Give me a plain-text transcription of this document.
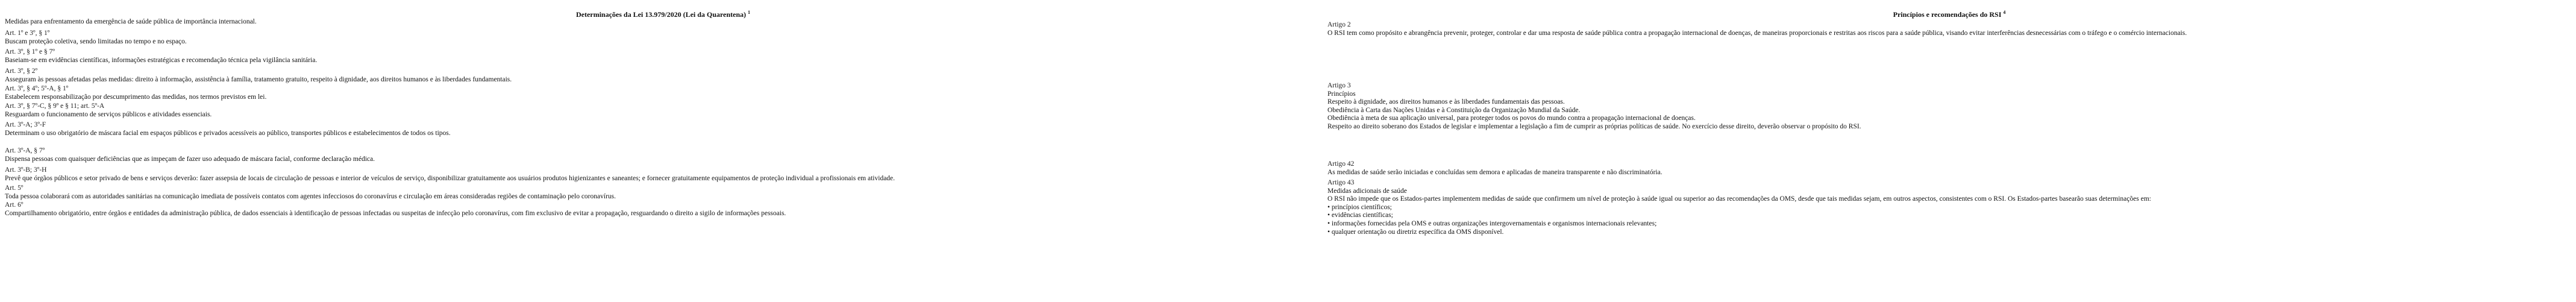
Determinações da Lei 13.979/2020 (Lei da Quarentena) $^1$
Medidas para enfrentamento da emergência de saúde pública de importância internacional.
Art. 1º e 3º, § 1º
Buscam proteção coletiva, sendo limitadas no tempo e no espaço.
Art. 3º, § 1º e § 7º
Baseiam-se em evidências científicas, informações estratégicas e recomendação técnica pela vigilância sanitária.
Art. 3º, § 2º
Asseguram às pessoas afetadas pelas medidas: direito à informação, assistência à família, tratamento gratuito, respeito à dignidade, aos direitos humanos e às liberdades fundamentais.
Art. 3º, § 4º; 5º-A, § 1º
Estabelecem responsabilização por descumprimento das medidas, nos termos previstos em lei.
Art. 3º, § 7º-C, § 9º e § 11; art. 5º-A
Resguardam o funcionamento de serviços públicos e atividades essenciais.
Art. 3º-A; 3º-F
Determinam o uso obrigatório de máscara facial em espaços públicos e privados acessíveis ao público, transportes públicos e estabelecimentos de todos os tipos.
Art. 3º-A, § 7º
Dispensa pessoas com quaisquer deficiências que as impeçam de fazer uso adequado de máscara facial, conforme declaração médica.
Art. 3º-B; 3º-H
Prevê que órgãos públicos e setor privado de bens e serviços deverão: fazer assepsia de locais de circulação de pessoas e interior de veículos de serviço, disponibilizar gratuitamente aos usuários produtos higienizantes e saneantes; e fornecer gratuitamente equipamentos de proteção individual a profissionais em atividade.
Art. 5º
Toda pessoa colaborará com as autoridades sanitárias na comunicação imediata de possíveis contatos com agentes infecciosos do coronavírus e circulação em áreas consideradas regiões de contaminação pelo coronavírus.
Art. 6º
Compartilhamento obrigatório, entre órgãos e entidades da administração pública, de dados essenciais à identificação de pessoas infectadas ou suspeitas de infecção pelo coronavírus, com fim exclusivo de evitar a propagação, resguardando o direito a sigilo de informações pessoais.
Princípios e recomendações do RSI $^4$
Artigo 2
O RSI tem como propósito e abrangência prevenir, proteger, controlar e dar uma resposta de saúde pública contra a propagação internacional de doenças, de maneiras proporcionais e restritas aos riscos para a saúde pública, visando evitar interferências desnecessárias com o tráfego e o comércio internacionais.
Artigo 3
Princípios
Respeito à dignidade, aos direitos humanos e às liberdades fundamentais das pessoas.
Obediência à Carta das Nações Unidas e à Constituição da Organização Mundial da Saúde.
Obediência à meta de sua aplicação universal, para proteger todos os povos do mundo contra a propagação internacional de doenças.
Respeito ao direito soberano dos Estados de legislar e implementar a legislação a fim de cumprir as próprias políticas de saúde. No exercício desse direito, deverão observar o propósito do RSI.
Artigo 42
As medidas de saúde serão iniciadas e concluídas sem demora e aplicadas de maneira transparente e não discriminatória.
Artigo 43
Medidas adicionais de saúde
O RSI não impede que os Estados-partes implementem medidas de saúde que confirmem um nível de proteção à saúde igual ou superior ao das recomendações da OMS, desde que tais medidas sejam, em outros aspectos, consistentes com o RSI. Os Estados-partes basearão suas determinações em:
• princípios científicos;
• evidências científicas;
• informações fornecidas pela OMS e outras organizações intergovernamentais e organismos internacionais relevantes;
• qualquer orientação ou diretriz específica da OMS disponível.
